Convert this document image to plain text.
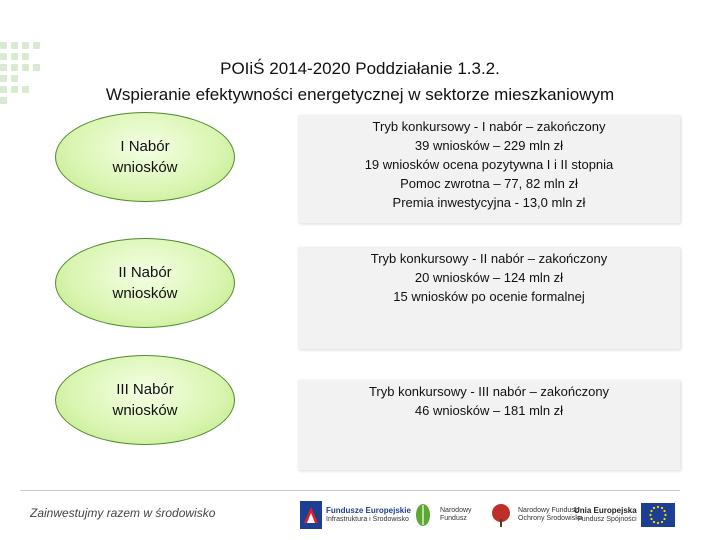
POIiŚ 2014-2020 Poddziałanie 1.3.2.
Wspieranie efektywności energetycznej w sektorze mieszkaniowym
I Nabór
wniosków
Tryb konkursowy - I nabór – zakończony
39 wniosków – 229 mln zł
19 wniosków ocena pozytywna I i II stopnia
Pomoc zwrotna – 77, 82 mln zł
Premia inwestycyjna - 13,0 mln zł
II Nabór
wniosków
Tryb konkursowy - II nabór – zakończony
20 wniosków – 124 mln zł
15 wniosków po ocenie formalnej
III Nabór
wniosków
Tryb konkursowy - III nabór – zakończony
46 wniosków – 181 mln zł
Zainwestujmy razem w środowisko	Fundusze Europejskie
Infrastruktura i Środowisko
Narodowy
Fundusz
Narodowy Fundusz
Ochrony Środowiska
Unia Europejska
Fundusz Spójności
